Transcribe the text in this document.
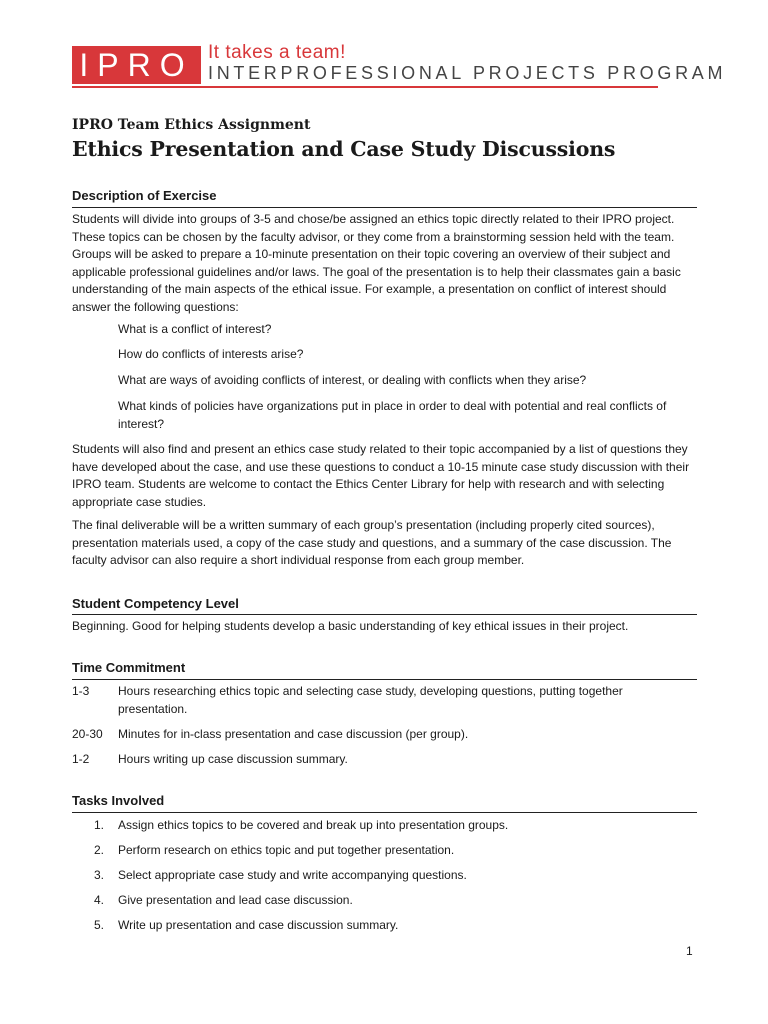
IPRO It takes a team!
INTERPROFESSIONAL PROJECTS PROGRAM
IPRO Team Ethics Assignment
Ethics Presentation and Case Study Discussions
Description of Exercise
Students will divide into groups of 3-5 and chose/be assigned an ethics topic directly related to their IPRO project. These topics can be chosen by the faculty advisor, or they come from a brainstorming session held with the team. Groups will be asked to prepare a 10-minute presentation on their topic covering an overview of their subject and applicable professional guidelines and/or laws. The goal of the presentation is to help their classmates gain a basic understanding of the main aspects of the ethical issue. For example, a presentation on conflict of interest should answer the following questions:
What is a conflict of interest?
How do conflicts of interests arise?
What are ways of avoiding conflicts of interest, or dealing with conflicts when they arise?
What kinds of policies have organizations put in place in order to deal with potential and real conflicts of interest?
Students will also find and present an ethics case study related to their topic accompanied by a list of questions they have developed about the case, and use these questions to conduct a 10-15 minute case study discussion with their IPRO team. Students are welcome to contact the Ethics Center Library for help with research and with selecting appropriate case studies.
The final deliverable will be a written summary of each group’s presentation (including properly cited sources), presentation materials used, a copy of the case study and questions, and a summary of the case discussion. The faculty advisor can also require a short individual response from each group member.
Student Competency Level
Beginning. Good for helping students develop a basic understanding of key ethical issues in their project.
Time Commitment
1-3 Hours researching ethics topic and selecting case study, developing questions, putting together presentation.
20-30 Minutes for in-class presentation and case discussion (per group).
1-2 Hours writing up case discussion summary.
Tasks Involved
1. Assign ethics topics to be covered and break up into presentation groups.
2. Perform research on ethics topic and put together presentation.
3. Select appropriate case study and write accompanying questions.
4. Give presentation and lead case discussion.
5. Write up presentation and case discussion summary.
1
